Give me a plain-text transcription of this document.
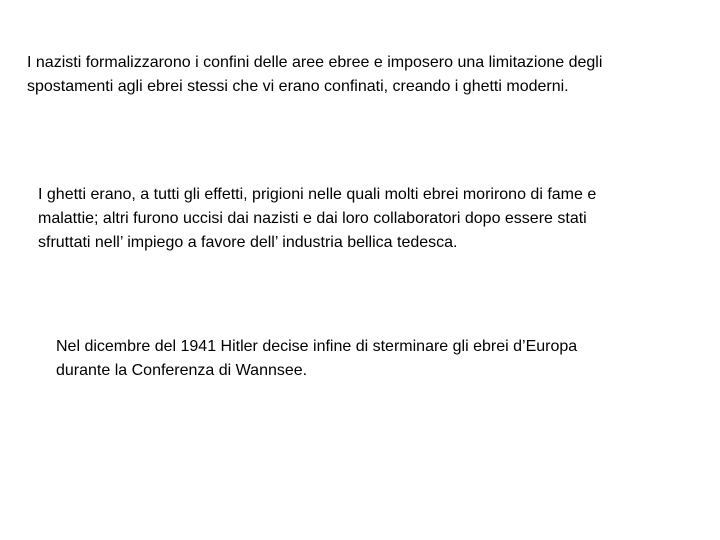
I nazisti formalizzarono i confini delle aree ebree e imposero una limitazione degli
spostamenti agli ebrei stessi che vi erano confinati, creando i ghetti moderni.

I ghetti erano, a tutti gli effetti, prigioni nelle quali molti ebrei morirono di fame e
malattie; altri furono uccisi dai nazisti e dai loro collaboratori dopo essere stati
sfruttati nell’ impiego a favore dell’ industria bellica tedesca.

Nel dicembre del 1941 Hitler decise infine di sterminare gli ebrei d’Europa
durante la Conferenza di Wannsee.
